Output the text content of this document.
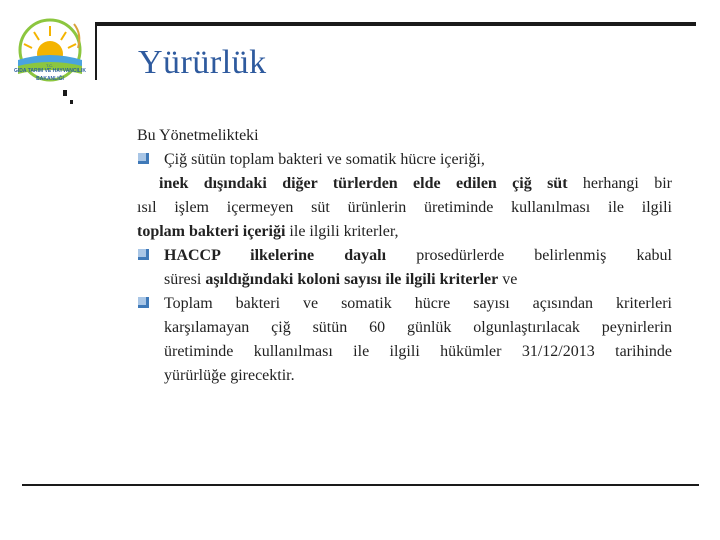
T.C.
GIDA TARIM VE HAYVANCILIK
BAKANLIĞI	Yürürlük

Bu Yönetmelikteki

Çiğ sütün toplam bakteri ve somatik hücre içeriği,

inek dışındaki diğer türlerden elde edilen çiğ süt herhangi bir

ısıl işlem içermeyen süt ürünlerin üretiminde kullanılması ile ilgili

toplam bakteri içeriği ile ilgili kriterler,

HACCP ilkelerine dayalı prosedürlerde belirlenmiş kabul

süresi aşıldığındaki koloni sayısı ile ilgili kriterler ve

Toplam bakteri ve somatik hücre sayısı açısından kriterleri

karşılamayan çiğ sütün 60 günlük olgunlaştırılacak peynirlerin

üretiminde kullanılması ile ilgili hükümler 31/12/2013 tarihinde

yürürlüğe girecektir.
